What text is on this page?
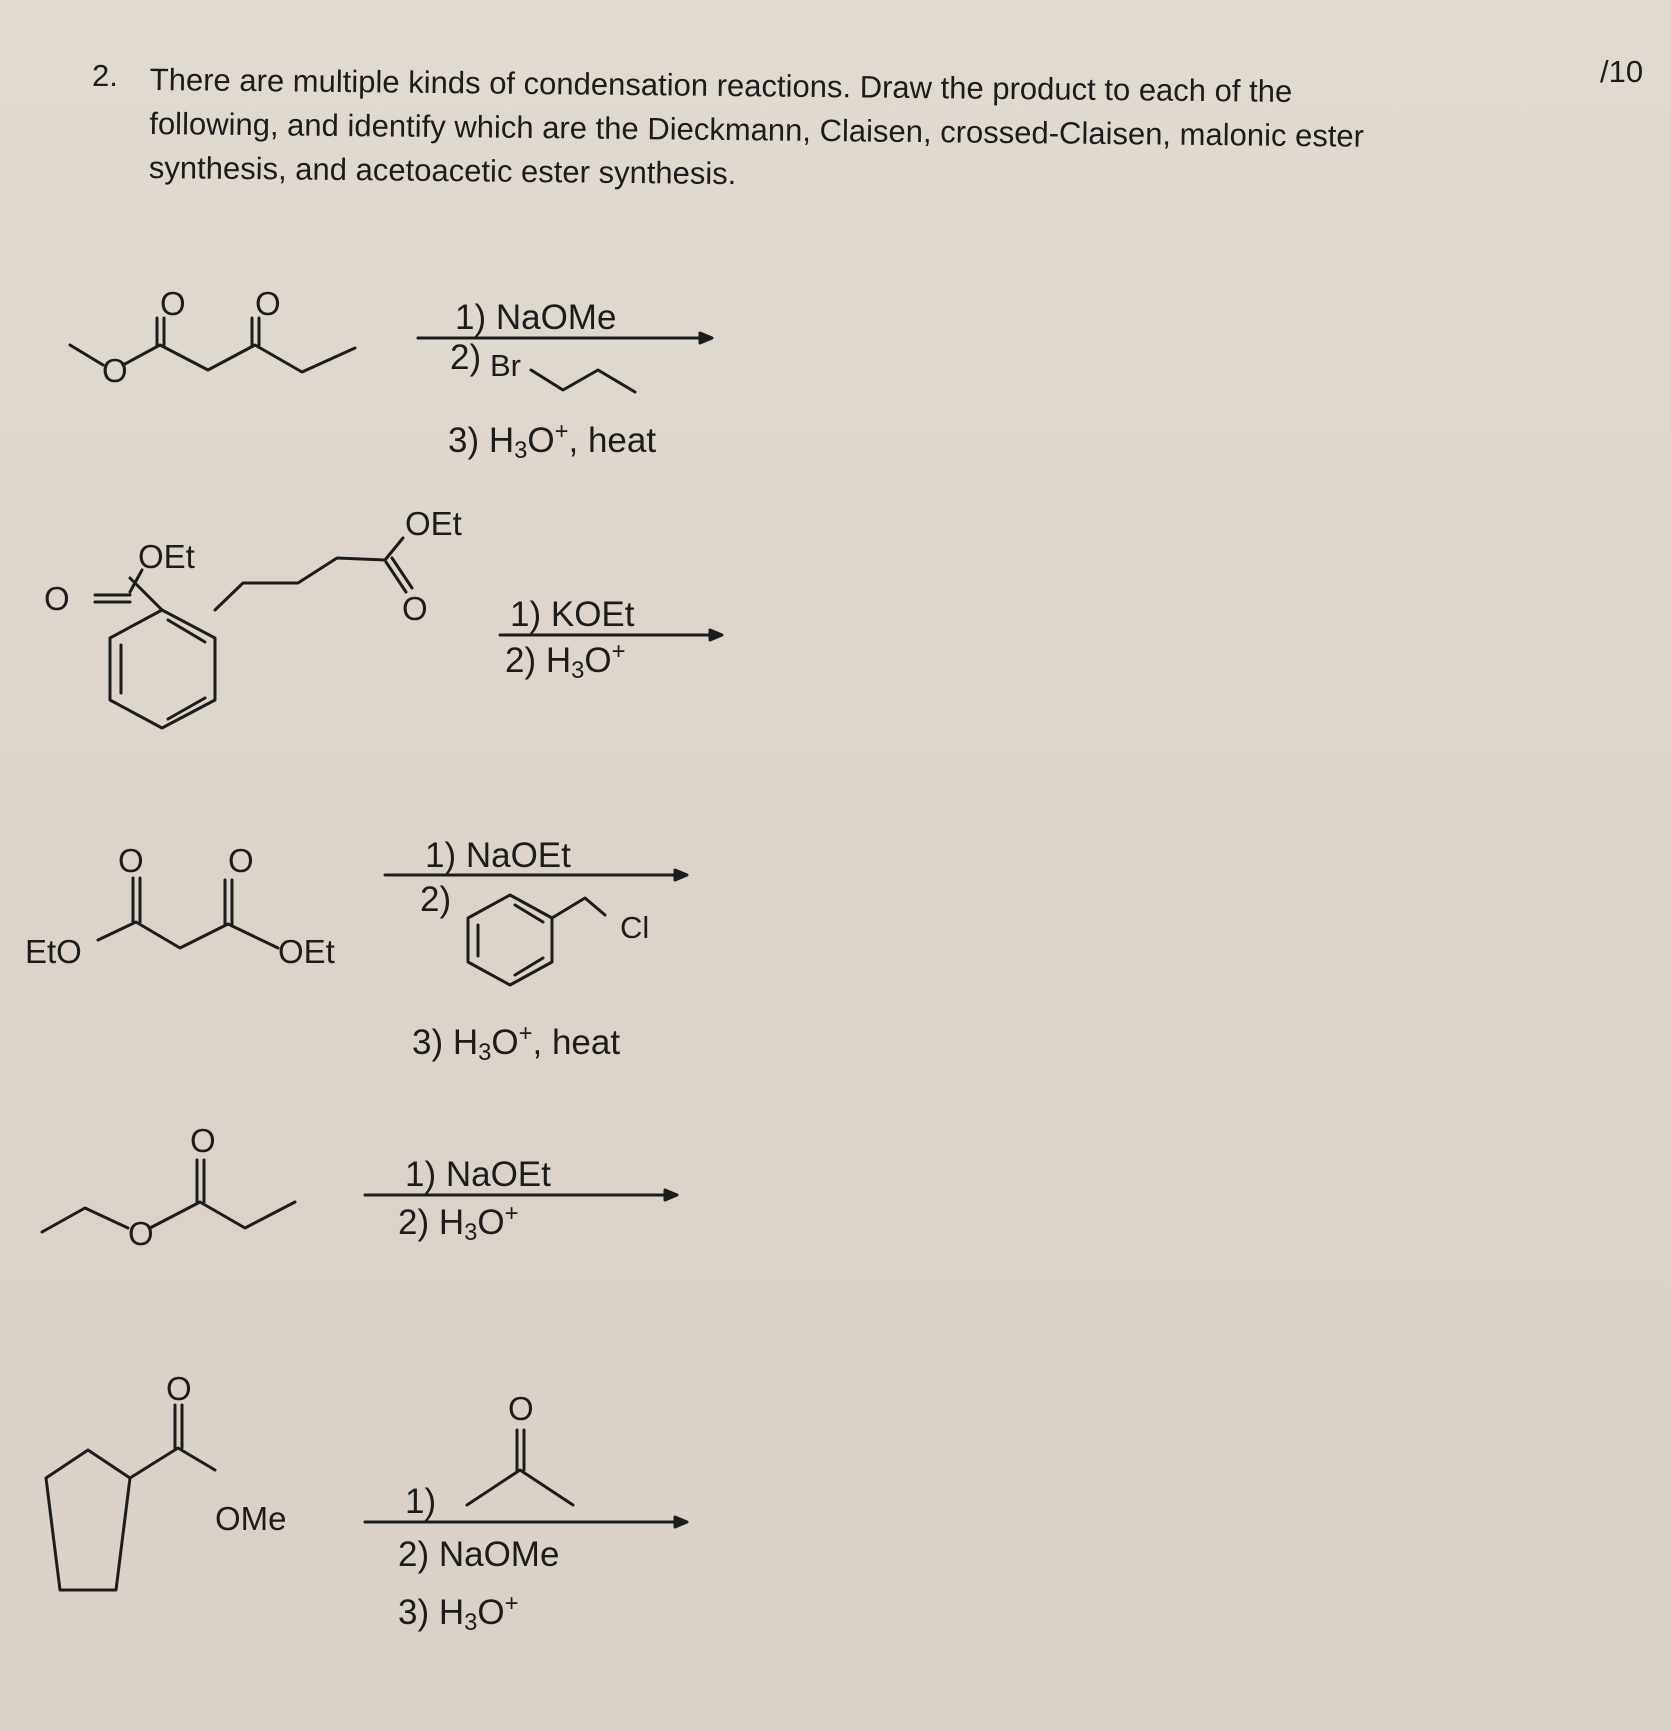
2.	/10
There are multiple kinds of condensation reactions. Draw the product to each of the
following, and identify which are the Dieckmann, Claisen, crossed-Claisen, malonic ester
synthesis, and acetoacetic ester synthesis.
O O
O
1) NaOMe
2) Br
3) $H_3O^+$, heat
O
OEt
OEt
O 1) KOEt
2) $H_3O^+$
O	O
EtO	OEt
1) NaOEt
2)
Cl
3) $H_3O^+$, heat
O
O
1) NaOEt
2) $H_3O^+$
O
OMe
O
1)
2) NaOMe
3) $H_3O^+$
